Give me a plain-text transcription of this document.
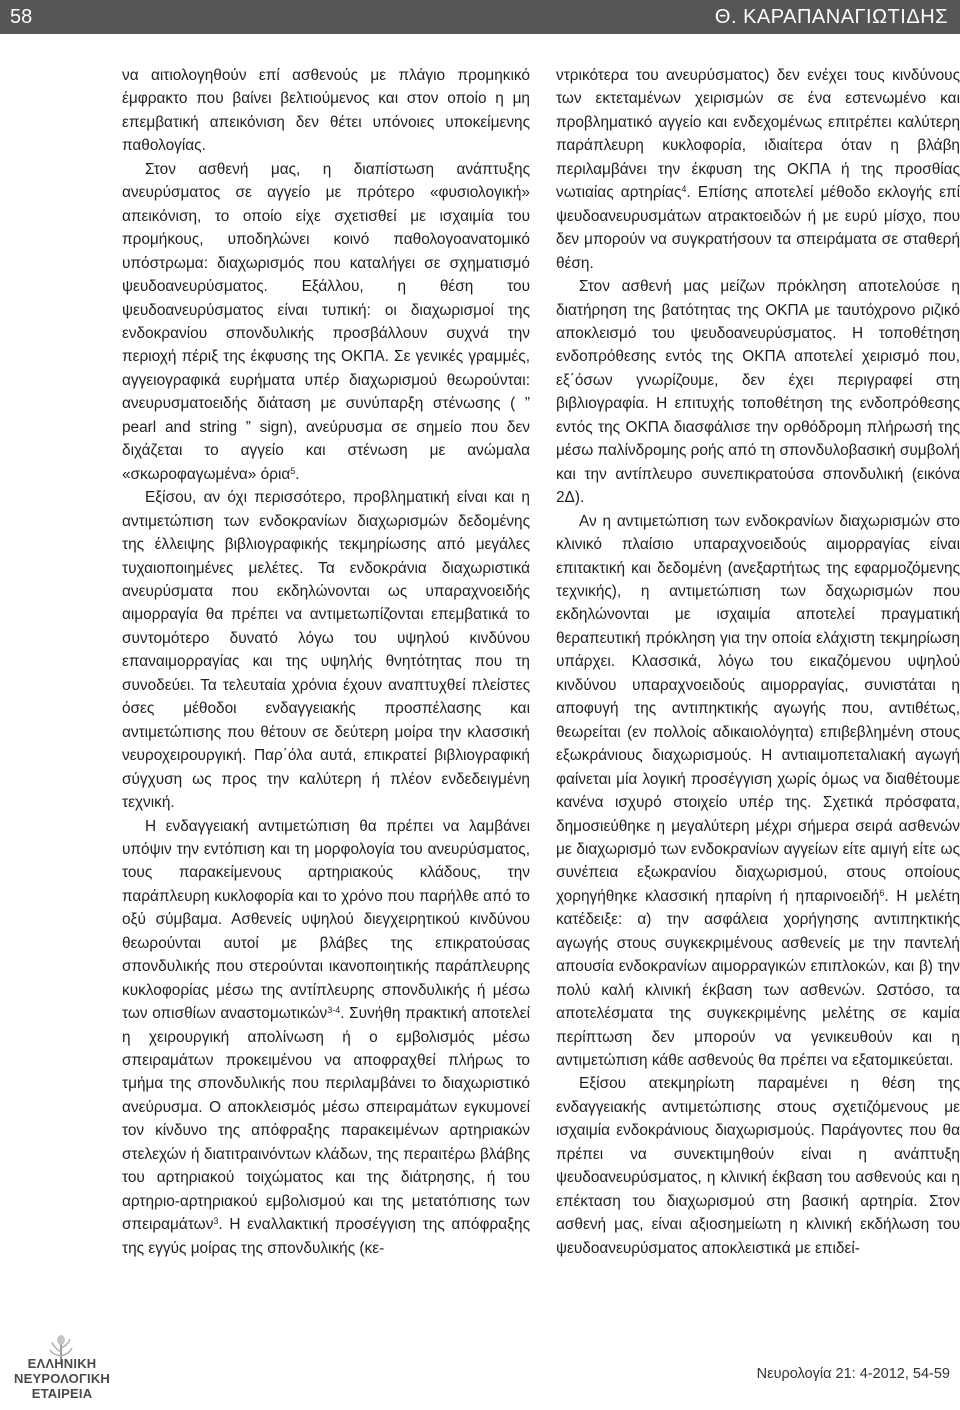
58	Θ. ΚΑΡΑΠΑΝΑΓΙΩΤΙΔΗΣ

να αιτιολογηθούν επί ασθενούς με πλάγιο προμηκικό έμφρακτο που βαίνει βελτιούμενος και στον οποίο η μη επεμβατική απεικόνιση δεν θέτει υπόνοιες υποκείμενης παθολογίας.

Στον ασθενή μας, η διαπίστωση ανάπτυξης ανευρύσματος σε αγγείο με πρότερο «φυσιολογική» απεικόνιση, το οποίο είχε σχετισθεί με ισχαιμία του προμήκους, υποδηλώνει κοινό παθολογοανατομικό υπόστρωμα: διαχωρισμός που καταλήγει σε σχηματισμό ψευδοανευρύσματος. Εξάλλου, η θέση του ψευδοανευρύσματος είναι τυπική: οι διαχωρισμοί της ενδοκρανίου σπονδυλικής προσβάλλουν συχνά την περιοχή πέριξ της έκφυσης της ΟΚΠΑ. Σε γενικές γραμμές, αγγειογραφικά ευρήματα υπέρ διαχωρισμού θεωρούνται: ανευρυσματοειδής διάταση με συνύπαρξη στένωσης ( ” pearl and string ” sign), ανεύρυσμα σε σημείο που δεν διχάζεται το αγγείο και στένωση με ανώμαλα «σκωροφαγωμένα» όρια$^5$.

Εξίσου, αν όχι περισσότερο, προβληματική είναι και η αντιμετώπιση των ενδοκρανίων διαχωρισμών δεδομένης της έλλειψης βιβλιογραφικής τεκμηρίωσης από μεγάλες τυχαιοποιημένες μελέτες. Τα ενδοκράνια διαχωριστικά ανευρύσματα που εκδηλώνονται ως υπαραχνοειδής αιμορραγία θα πρέπει να αντιμετωπίζονται επεμβατικά το συντομότερο δυνατό λόγω του υψηλού κινδύνου επαναιμορραγίας και της υψηλής θνητότητας που τη συνοδεύει. Τα τελευταία χρόνια έχουν αναπτυχθεί πλείστες όσες μέθοδοι ενδαγγειακής προσπέλασης και αντιμετώπισης που θέτουν σε δεύτερη μοίρα την κλασσική νευροχειρουργική. Παρ΄όλα αυτά, επικρατεί βιβλιογραφική σύγχυση ως προς την καλύτερη ή πλέον ενδεδειγμένη τεχνική.

Η ενδαγγειακή αντιμετώπιση θα πρέπει να λαμβάνει υπόψιν την εντόπιση και τη μορφολογία του ανευρύσματος, τους παρακείμενους αρτηριακούς κλάδους, την παράπλευρη κυκλοφορία και το χρόνο που παρήλθε από το οξύ σύμβαμα. Ασθενείς υψηλού διεγχειρητικού κινδύνου θεωρούνται αυτοί με βλάβες της επικρατούσας σπονδυλικής που στερούνται ικανοποιητικής παράπλευρης κυκλοφορίας μέσω της αντίπλευρης σπονδυλικής ή μέσω των οπισθίων αναστομωτικών$^{3-4}$. Συνήθη πρακτική αποτελεί η χειρουργική απολίνωση ή ο εμβολισμός μέσω σπειραμάτων προκειμένου να αποφραχθεί πλήρως το τμήμα της σπονδυλικής που περιλαμβάνει το διαχωριστικό ανεύρυσμα. Ο αποκλεισμός μέσω σπειραμάτων εγκυμονεί τον κίνδυνο της απόφραξης παρακειμένων αρτηριακών στελεχών ή διατιτραινόντων κλάδων, της περαιτέρω βλάβης του αρτηριακού τοιχώματος και της διάτρησης, ή του αρτηριο-αρτηριακού εμβολισμού και της μετατόπισης των σπειραμάτων$^3$. Η εναλλακτική προσέγγιση της απόφραξης της εγγύς μοίρας της σπονδυλικής (κε-

ντρικότερα του ανευρύσματος) δεν ενέχει τους κινδύνους των εκτεταμένων χειρισμών σε ένα εστενωμένο και προβληματικό αγγείο και ενδεχομένως επιτρέπει καλύτερη παράπλευρη κυκλοφορία, ιδιαίτερα όταν η βλάβη περιλαμβάνει την έκφυση της ΟΚΠΑ ή της προσθίας νωτιαίας αρτηρίας$^4$. Επίσης αποτελεί μέθοδο εκλογής επί ψευδοανευρυσμάτων ατρακτοειδών ή με ευρύ μίσχο, που δεν μπορούν να συγκρατήσουν τα σπειράματα σε σταθερή θέση.

Στον ασθενή μας μείζων πρόκληση αποτελούσε η διατήρηση της βατότητας της ΟΚΠΑ με ταυτόχρονο ριζικό αποκλεισμό του ψευδοανευρύσματος. Η τοποθέτηση ενδοπρόθεσης εντός της ΟΚΠΑ αποτελεί χειρισμό που, εξ΄όσων γνωρίζουμε, δεν έχει περιγραφεί στη βιβλιογραφία. Η επιτυχής τοποθέτηση της ενδοπρόθεσης εντός της ΟΚΠΑ διασφάλισε την ορθόδρομη πλήρωσή της μέσω παλίνδρομης ροής από τη σπονδυλοβασική συμβολή και την αντίπλευρο συνεπικρατούσα σπονδυλική (εικόνα 2Δ).

Αν η αντιμετώπιση των ενδοκρανίων διαχωρισμών στο κλινικό πλαίσιο υπαραχνοειδούς αιμορραγίας είναι επιτακτική και δεδομένη (ανεξαρτήτως της εφαρμοζόμενης τεχνικής), η αντιμετώπιση των δαχωρισμών που εκδηλώνονται με ισχαιμία αποτελεί πραγματική θεραπευτική πρόκληση για την οποία ελάχιστη τεκμηρίωση υπάρχει. Κλασσικά, λόγω του εικαζόμενου υψηλού κινδύνου υπαραχνοειδούς αιμορραγίας, συνιστάται η αποφυγή της αντιπηκτικής αγωγής που, αντιθέτως, θεωρείται (εν πολλοίς αδικαιολόγητα) επιβεβλημένη στους εξωκράνιους διαχωρισμούς. Η αντιαιμοπεταλιακή αγωγή φαίνεται μία λογική προσέγγιση χωρίς όμως να διαθέτουμε κανένα ισχυρό στοιχείο υπέρ της. Σχετικά πρόσφατα, δημοσιεύθηκε η μεγαλύτερη μέχρι σήμερα σειρά ασθενών με διαχωρισμό των ενδοκρανίων αγγείων είτε αμιγή είτε ως συνέπεια εξωκρανίου διαχωρισμού, στους οποίους χορηγήθηκε κλασσική ηπαρίνη ή ηπαρινοειδή$^6$. Η μελέτη κατέδειξε: α) την ασφάλεια χορήγησης αντιπηκτικής αγωγής στους συγκεκριμένους ασθενείς με την παντελή απουσία ενδοκρανίων αιμορραγικών επιπλοκών, και β) την πολύ καλή κλινική έκβαση των ασθενών. Ωστόσο, τα αποτελέσματα της συγκεκριμένης μελέτης σε καμία περίπτωση δεν μπορούν να γενικευθούν και η αντιμετώπιση κάθε ασθενούς θα πρέπει να εξατομικεύεται.

Εξίσου ατεκμηρίωτη παραμένει η θέση της ενδαγγειακής αντιμετώπισης στους σχετιζόμενους με ισχαιμία ενδοκράνιους διαχωρισμούς. Παράγοντες που θα πρέπει να συνεκτιμηθούν είναι η ανάπτυξη ψευδοανευρύσματος, η κλινική έκβαση του ασθενούς και η επέκταση του διαχωρισμού στη βασική αρτηρία. Στον ασθενή μας, είναι αξιοσημείωτη η κλινική εκδήλωση του ψευδοανευρύσματος αποκλειστικά με επιδεί-

ΕΛΛΗΝΙΚΗ
ΝΕΥΡΟΛΟΓΙΚΗ
ΕΤΑΙΡΕΙΑ
Νευρολογία 21: 4-2012, 54-59
